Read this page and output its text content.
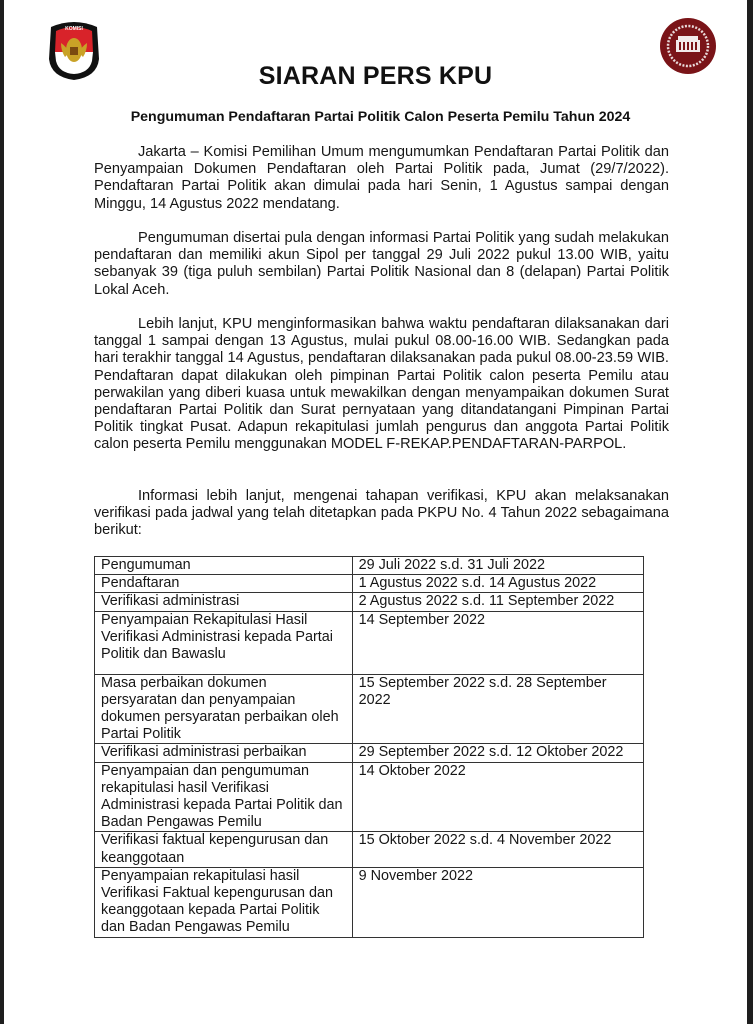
KOMISI
SIARAN PERS KPU
Pengumuman Pendaftaran Partai Politik Calon Peserta Pemilu Tahun 2024

Jakarta – Komisi Pemilihan Umum mengumumkan Pendaftaran Partai Politik dan Penyampaian Dokumen Pendaftaran oleh Partai Politik pada, Jumat (29/7/2022). Pendaftaran Partai Politik akan dimulai pada hari Senin, 1 Agustus sampai dengan Minggu, 14 Agustus 2022 mendatang.

Pengumuman disertai pula dengan informasi Partai Politik yang sudah melakukan pendaftaran dan memiliki akun Sipol per tanggal 29 Juli 2022 pukul 13.00 WIB, yaitu sebanyak 39 (tiga puluh sembilan) Partai Politik Nasional dan 8 (delapan) Partai Politik Lokal Aceh.

Lebih lanjut, KPU menginformasikan bahwa waktu pendaftaran dilaksanakan dari tanggal 1 sampai dengan 13 Agustus, mulai pukul 08.00-16.00 WIB. Sedangkan pada hari terakhir tanggal 14 Agustus, pendaftaran dilaksanakan pada pukul 08.00-23.59 WIB. Pendaftaran dapat dilakukan oleh pimpinan Partai Politik calon peserta Pemilu atau perwakilan yang diberi kuasa untuk mewakilkan dengan menyampaikan dokumen Surat pendaftaran Partai Politik dan Surat pernyataan yang ditandatangani Pimpinan Partai Politik tingkat Pusat. Adapun rekapitulasi jumlah pengurus dan anggota Partai Politik calon peserta Pemilu menggunakan MODEL F-REKAP.PENDAFTARAN-PARPOL.

Informasi lebih lanjut, mengenai tahapan verifikasi, KPU akan melaksanakan verifikasi pada jadwal yang telah ditetapkan pada PKPU No. 4 Tahun 2022 sebagaimana berikut:

Pengumuman	29 Juli 2022 s.d. 31 Juli 2022
Pendaftaran	1 Agustus 2022 s.d. 14 Agustus 2022
Verifikasi administrasi	2 Agustus 2022 s.d. 11 September 2022
Penyampaian Rekapitulasi Hasil Verifikasi Administrasi kepada Partai Politik dan Bawaslu	14 September 2022
Masa perbaikan dokumen persyaratan dan penyampaian dokumen persyaratan perbaikan oleh Partai Politik	15 September 2022 s.d. 28 September 2022
Verifikasi administrasi perbaikan	29 September 2022 s.d. 12 Oktober 2022
Penyampaian dan pengumuman rekapitulasi hasil Verifikasi Administrasi kepada Partai Politik dan Badan Pengawas Pemilu	14 Oktober 2022
Verifikasi faktual kepengurusan dan keanggotaan	15 Oktober 2022 s.d. 4 November 2022
Penyampaian rekapitulasi hasil Verifikasi Faktual kepengurusan dan keanggotaan kepada Partai Politik dan Badan Pengawas Pemilu	9 November 2022
